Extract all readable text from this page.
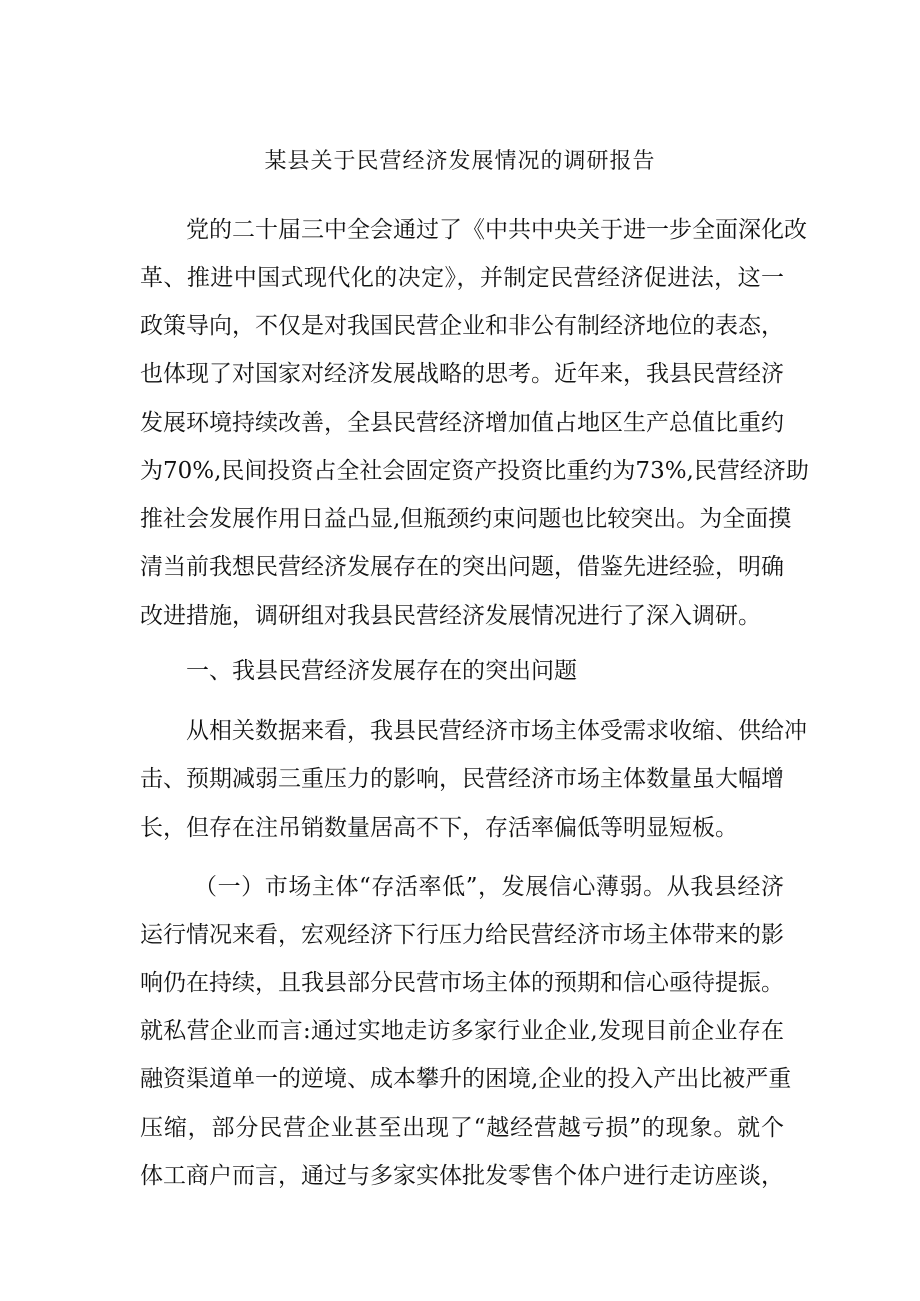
某县关于民营经济发展情况的调研报告
党的二十届三中全会通过了《中共中央关于进一步全面深化改
革、推进中国式现代化的决定》，并制定民营经济促进法，这一
政策导向，不仅是对我国民营企业和非公有制经济地位的表态，
也体现了对国家对经济发展战略的思考。近年来，我县民营经济
发展环境持续改善，全县民营经济增加值占地区生产总值比重约
为70%,民间投资占全社会固定资产投资比重约为73%,民营经济助
推社会发展作用日益凸显,但瓶颈约束问题也比较突出。为全面摸
清当前我想民营经济发展存在的突出问题，借鉴先进经验，明确
改进措施，调研组对我县民营经济发展情况进行了深入调研。
一、我县民营经济发展存在的突出问题
从相关数据来看，我县民营经济市场主体受需求收缩、供给冲
击、预期减弱三重压力的影响，民营经济市场主体数量虽大幅增
长，但存在注吊销数量居高不下，存活率偏低等明显短板。
（一）市场主体“存活率低”，发展信心薄弱。从我县经济
运行情况来看，宏观经济下行压力给民营经济市场主体带来的影
响仍在持续，且我县部分民营市场主体的预期和信心亟待提振。
就私营企业而言:通过实地走访多家行业企业,发现目前企业存在
融资渠道单一的逆境、成本攀升的困境,企业的投入产出比被严重
压缩，部分民营企业甚至出现了“越经营越亏损”的现象。就个
体工商户而言，通过与多家实体批发零售个体户进行走访座谈，
